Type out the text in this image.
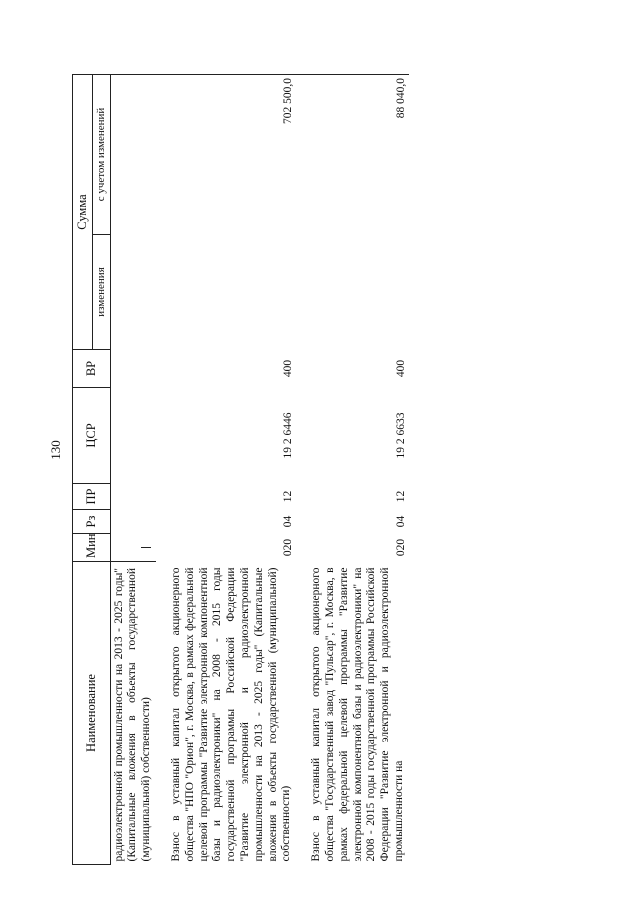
130
Наименование	Мин	Рз	ПР	ЦСР	ВР	Сумма	
						изменения	с учетом изменений
радиоэлектронной промышленности на 2013 - 2025 годы" (Капитальные вложения в объекты государственной (муниципальной) собственности)							

Взнос в уставный капитал открытого акционерного общества "НПО "Орион", г. Москва, в рамках федеральной целевой программы "Развитие электронной компонентной базы и радиоэлектроники" на 2008 - 2015 годы государственной программы Российской Федерации "Развитие электронной и радиоэлектронной промышленности на 2013 - 2025 годы" (Капитальные вложения в объекты государственной (муниципальной) собственности)	020	04	12	19 2 6446	400		702 500,0

Взнос в уставный капитал открытого акционерного общества "Государственный завод "Пульсар", г. Москва, в рамках федеральной целевой программы "Развитие электронной компонентной базы и радиоэлектроники" на 2008 - 2015 годы государственной программы Российской Федерации "Развитие электронной и радиоэлектронной промышленности на	020	04	12	19 2 6633	400		88 040,0
